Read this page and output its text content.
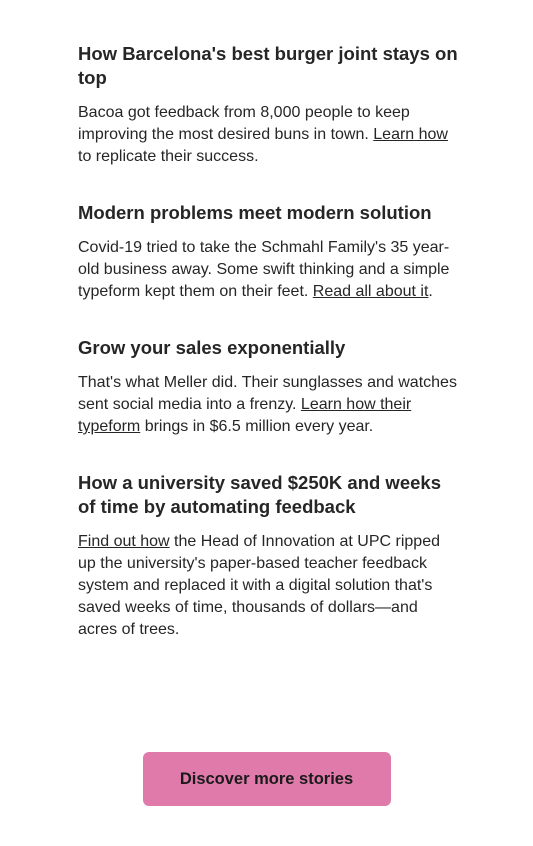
How Barcelona's best burger joint stays on top

Bacoa got feedback from 8,000 people to keep improving the most desired buns in town. Learn how to replicate their success.

Modern problems meet modern solution

Covid-19 tried to take the Schmahl Family's 35 year-old business away. Some swift thinking and a simple typeform kept them on their feet. Read all about it.

Grow your sales exponentially

That's what Meller did. Their sunglasses and watches sent social media into a frenzy. Learn how their typeform brings in $6.5 million every year.

How a university saved $250K and weeks of time by automating feedback

Find out how the Head of Innovation at UPC ripped up the university's paper-based teacher feedback system and replaced it with a digital solution that's saved weeks of time, thousands of dollars—and acres of trees.

Discover more stories
